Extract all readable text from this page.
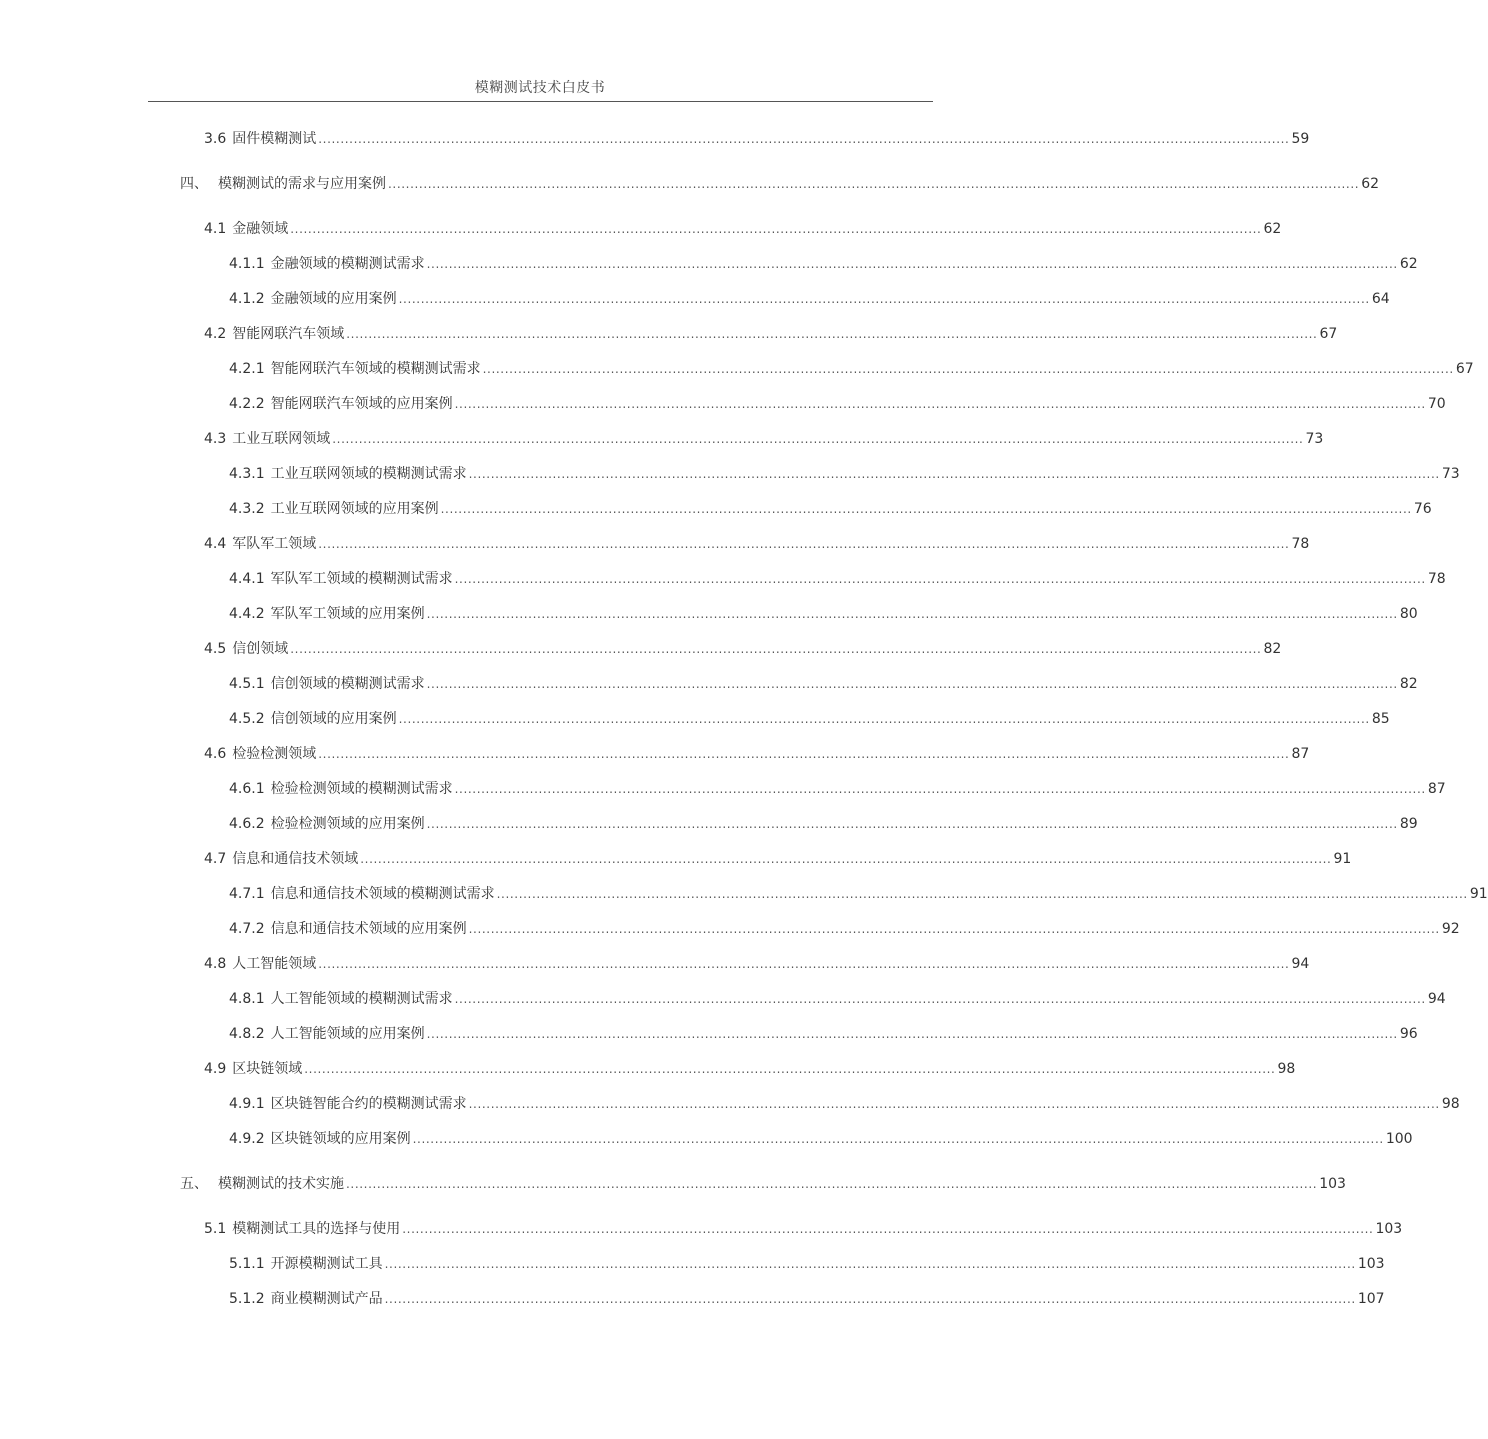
模糊测试技术白皮书
3.6 固件模糊测试 ............................................................................................................................................................................................................................ 59
四、 模糊测试的需求与应用案例 ............................................................................................................................................................................................................................ 62
4.1 金融领域 ............................................................................................................................................................................................................................ 62
4.1.1 金融领域的模糊测试需求 ............................................................................................................................................................................................................................ 62
4.1.2 金融领域的应用案例 ............................................................................................................................................................................................................................ 64
4.2 智能网联汽车领域 ............................................................................................................................................................................................................................ 67
4.2.1 智能网联汽车领域的模糊测试需求 ............................................................................................................................................................................................................................ 67
4.2.2 智能网联汽车领域的应用案例 ............................................................................................................................................................................................................................ 70
4.3 工业互联网领域 ............................................................................................................................................................................................................................ 73
4.3.1 工业互联网领域的模糊测试需求 ............................................................................................................................................................................................................................ 73
4.3.2 工业互联网领域的应用案例 ............................................................................................................................................................................................................................ 76
4.4 军队军工领域 ............................................................................................................................................................................................................................ 78
4.4.1 军队军工领域的模糊测试需求 ............................................................................................................................................................................................................................ 78
4.4.2 军队军工领域的应用案例 ............................................................................................................................................................................................................................ 80
4.5 信创领域 ............................................................................................................................................................................................................................ 82
4.5.1 信创领域的模糊测试需求 ............................................................................................................................................................................................................................ 82
4.5.2 信创领域的应用案例 ............................................................................................................................................................................................................................ 85
4.6 检验检测领域 ............................................................................................................................................................................................................................ 87
4.6.1 检验检测领域的模糊测试需求 ............................................................................................................................................................................................................................ 87
4.6.2 检验检测领域的应用案例 ............................................................................................................................................................................................................................ 89
4.7 信息和通信技术领域 ............................................................................................................................................................................................................................ 91
4.7.1 信息和通信技术领域的模糊测试需求 ............................................................................................................................................................................................................................ 91
4.7.2 信息和通信技术领域的应用案例 ............................................................................................................................................................................................................................ 92
4.8 人工智能领域 ............................................................................................................................................................................................................................ 94
4.8.1 人工智能领域的模糊测试需求 ............................................................................................................................................................................................................................ 94
4.8.2 人工智能领域的应用案例 ............................................................................................................................................................................................................................ 96
4.9 区块链领域 ............................................................................................................................................................................................................................ 98
4.9.1 区块链智能合约的模糊测试需求 ............................................................................................................................................................................................................................ 98
4.9.2 区块链领域的应用案例 ............................................................................................................................................................................................................................ 100
五、 模糊测试的技术实施 ............................................................................................................................................................................................................................ 103
5.1 模糊测试工具的选择与使用 ............................................................................................................................................................................................................................ 103
5.1.1 开源模糊测试工具 ............................................................................................................................................................................................................................ 103
5.1.2 商业模糊测试产品 ............................................................................................................................................................................................................................ 107
